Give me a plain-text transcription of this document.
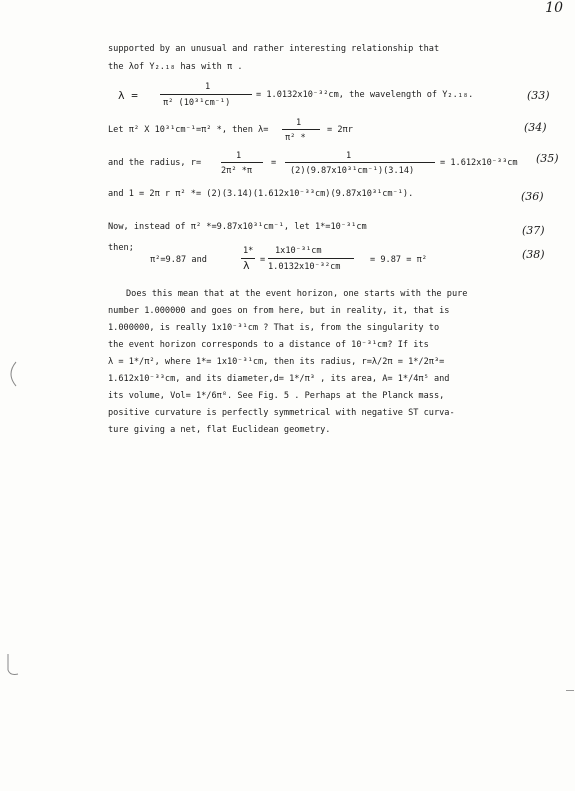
10
supported by an unusual and rather interesting relationship that
the λof Υ₂.₁₈ has with π .
λ =
1
π² (10³¹cm⁻¹)
= 1.0132x10⁻³²cm, the wavelength of Υ₂.₁₈.	(33)
Let π² X 10³¹cm⁻¹=π² *, then λ=
1
π² *
= 2πr	(34)
and the radius, r=
1
2π² *π
=
1
(2)(9.87x10³¹cm⁻¹)(3.14)
= 1.612x10⁻³³cm (35)
and 1 = 2π r π² *= (2)(3.14)(1.612x10⁻³³cm)(9.87x10³¹cm⁻¹).	(36)
Now, instead of π² *=9.87x10³¹cm⁻¹, let 1*=10⁻³¹cm	(37)
then;
π²=9.87 and
1*
λ =
1x10⁻³¹cm
1.0132x10⁻³²cm
= 9.87 = π²	(38)
Does this mean that at the event horizon, one starts with the pure
number 1.000000 and goes on from here, but in reality, it, that is
1.000000, is really 1x10⁻³¹cm ? That is, from the singularity to
the event horizon corresponds to a distance of 10⁻³¹cm? If its
λ = 1*/π², where 1*= 1x10⁻³¹cm, then its radius, r=λ/2π = 1*/2π³=
1.612x10⁻³³cm, and its diameter,d= 1*/π³ , its area, A= 1*/4π⁵ and
its volume, Vol= 1*/6π⁸. See Fig. 5 . Perhaps at the Planck mass,
positive curvature is perfectly symmetrical with negative ST curva-
ture giving a net, flat Euclidean geometry.
